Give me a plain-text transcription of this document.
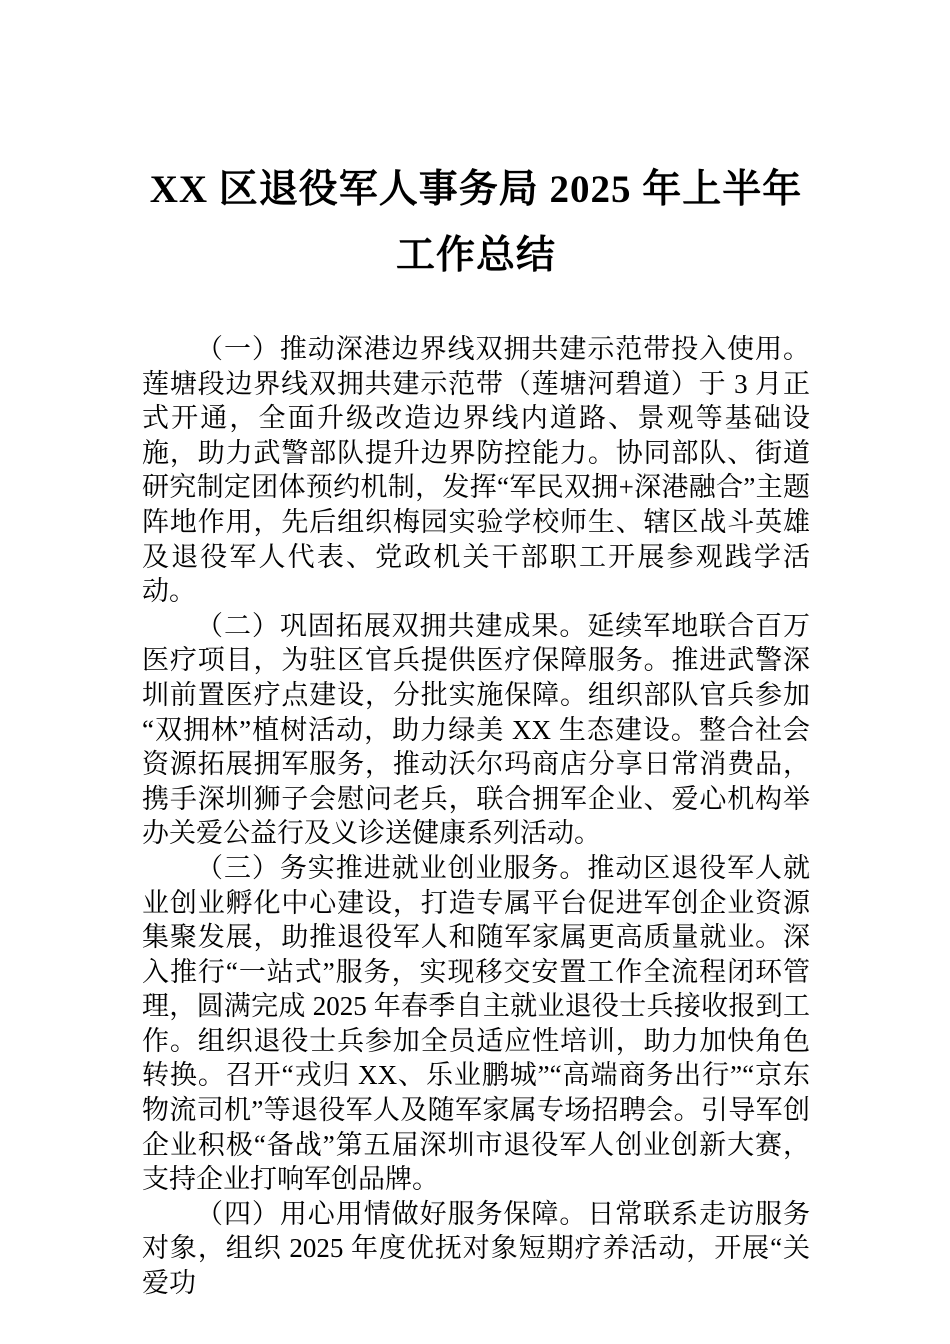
XX 区退役军人事务局 2025 年上半年工作总结

（一）推动深港边界线双拥共建示范带投入使用。莲塘段边界线双拥共建示范带（莲塘河碧道）于 3 月正式开通，全面升级改造边界线内道路、景观等基础设施，助力武警部队提升边界防控能力。协同部队、街道研究制定团体预约机制，发挥“军民双拥+深港融合”主题阵地作用，先后组织梅园实验学校师生、辖区战斗英雄及退役军人代表、党政机关干部职工开展参观践学活动。

（二）巩固拓展双拥共建成果。延续军地联合百万医疗项目，为驻区官兵提供医疗保障服务。推进武警深圳前置医疗点建设，分批实施保障。组织部队官兵参加“双拥林”植树活动，助力绿美 XX 生态建设。整合社会资源拓展拥军服务，推动沃尔玛商店分享日常消费品，携手深圳狮子会慰问老兵，联合拥军企业、爱心机构举办关爱公益行及义诊送健康系列活动。

（三）务实推进就业创业服务。推动区退役军人就业创业孵化中心建设，打造专属平台促进军创企业资源集聚发展，助推退役军人和随军家属更高质量就业。深入推行“一站式”服务，实现移交安置工作全流程闭环管理，圆满完成 2025 年春季自主就业退役士兵接收报到工作。组织退役士兵参加全员适应性培训，助力加快角色转换。召开“戎归 XX、乐业鹏城”“高端商务出行”“京东物流司机”等退役军人及随军家属专场招聘会。引导军创企业积极“备战”第五届深圳市退役军人创业创新大赛，支持企业打响军创品牌。

（四）用心用情做好服务保障。日常联系走访服务对象，组织 2025 年度优抚对象短期疗养活动，开展“关爱功
